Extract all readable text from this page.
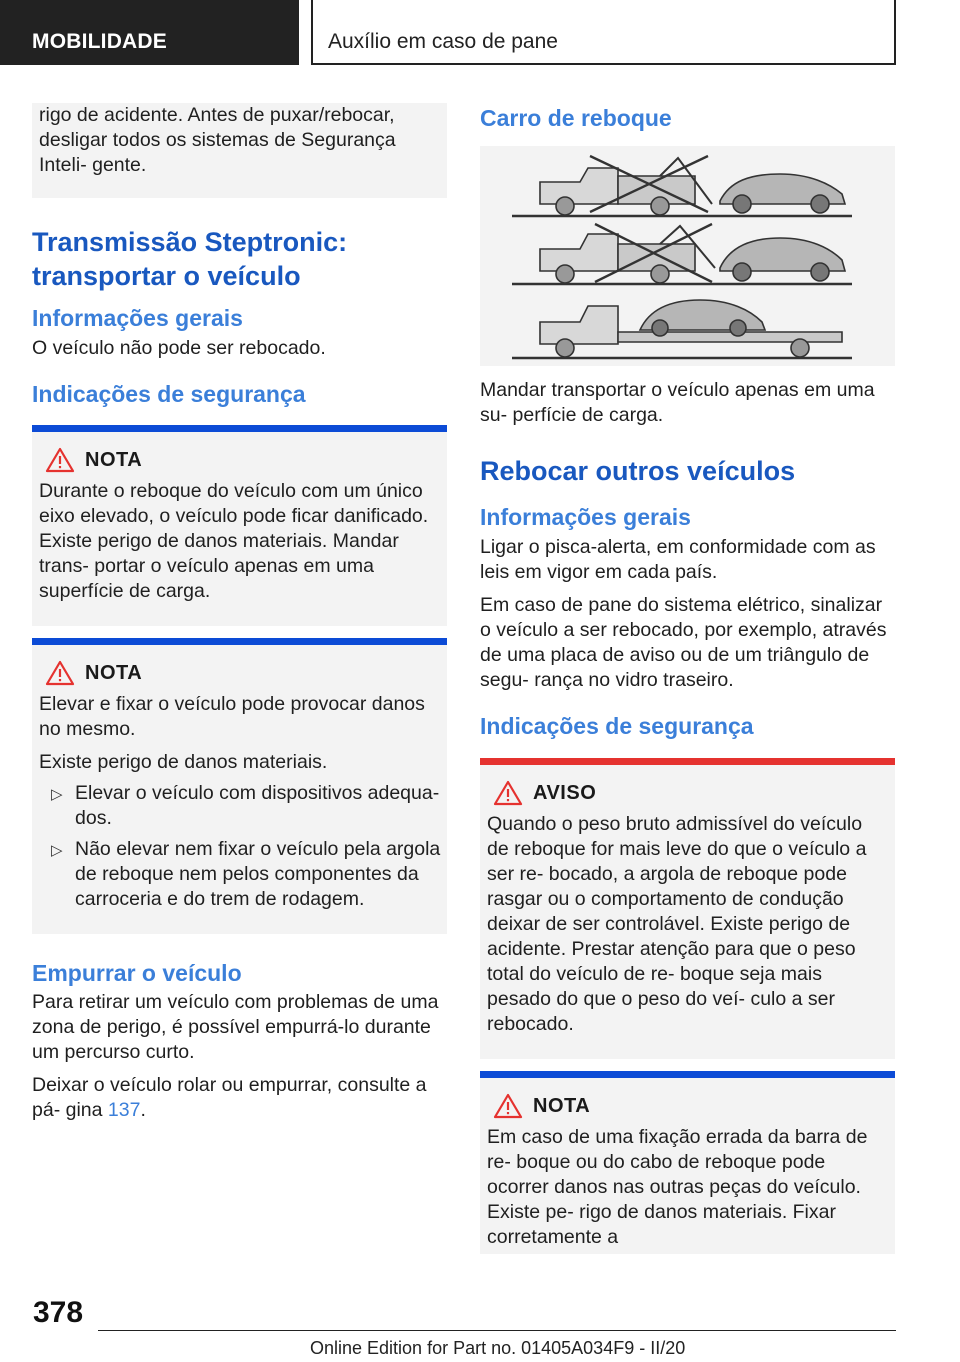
MOBILIDADE	Auxílio em caso de pane
rigo de acidente. Antes de puxar/rebocar, desligar todos os sistemas de Segurança Inteli- gente.
Transmissão Steptronic: transportar o veículo
Informações gerais
O veículo não pode ser rebocado.
Indicações de segurança
NOTA
Durante o reboque do veículo com um único eixo elevado, o veículo pode ficar danificado. Existe perigo de danos materiais. Mandar trans- portar o veículo apenas em uma superfície de carga.
NOTA
Elevar e fixar o veículo pode provocar danos no mesmo.
Existe perigo de danos materiais.
▷ Elevar o veículo com dispositivos adequa- dos.
▷ Não elevar nem fixar o veículo pela argola de reboque nem pelos componentes da carroceria e do trem de rodagem.
Empurrar o veículo
Para retirar um veículo com problemas de uma zona de perigo, é possível empurrá-lo durante um percurso curto.
Deixar o veículo rolar ou empurrar, consulte a pá- gina 137.
Carro de reboque
Mandar transportar o veículo apenas em uma su- perfície de carga.
Rebocar outros veículos
Informações gerais
Ligar o pisca-alerta, em conformidade com as leis em vigor em cada país.
Em caso de pane do sistema elétrico, sinalizar o veículo a ser rebocado, por exemplo, através de uma placa de aviso ou de um triângulo de segu- rança no vidro traseiro.
Indicações de segurança
AVISO
Quando o peso bruto admissível do veículo de reboque for mais leve do que o veículo a ser re- bocado, a argola de reboque pode rasgar ou o comportamento de condução deixar de ser controlável. Existe perigo de acidente. Prestar atenção para que o peso total do veículo de re- boque seja mais pesado do que o peso do veí- culo a ser rebocado.
NOTA
Em caso de uma fixação errada da barra de re- boque ou do cabo de reboque pode ocorrer danos nas outras peças do veículo. Existe pe- rigo de danos materiais. Fixar corretamente a
378
Online Edition for Part no. 01405A034F9 - II/20
